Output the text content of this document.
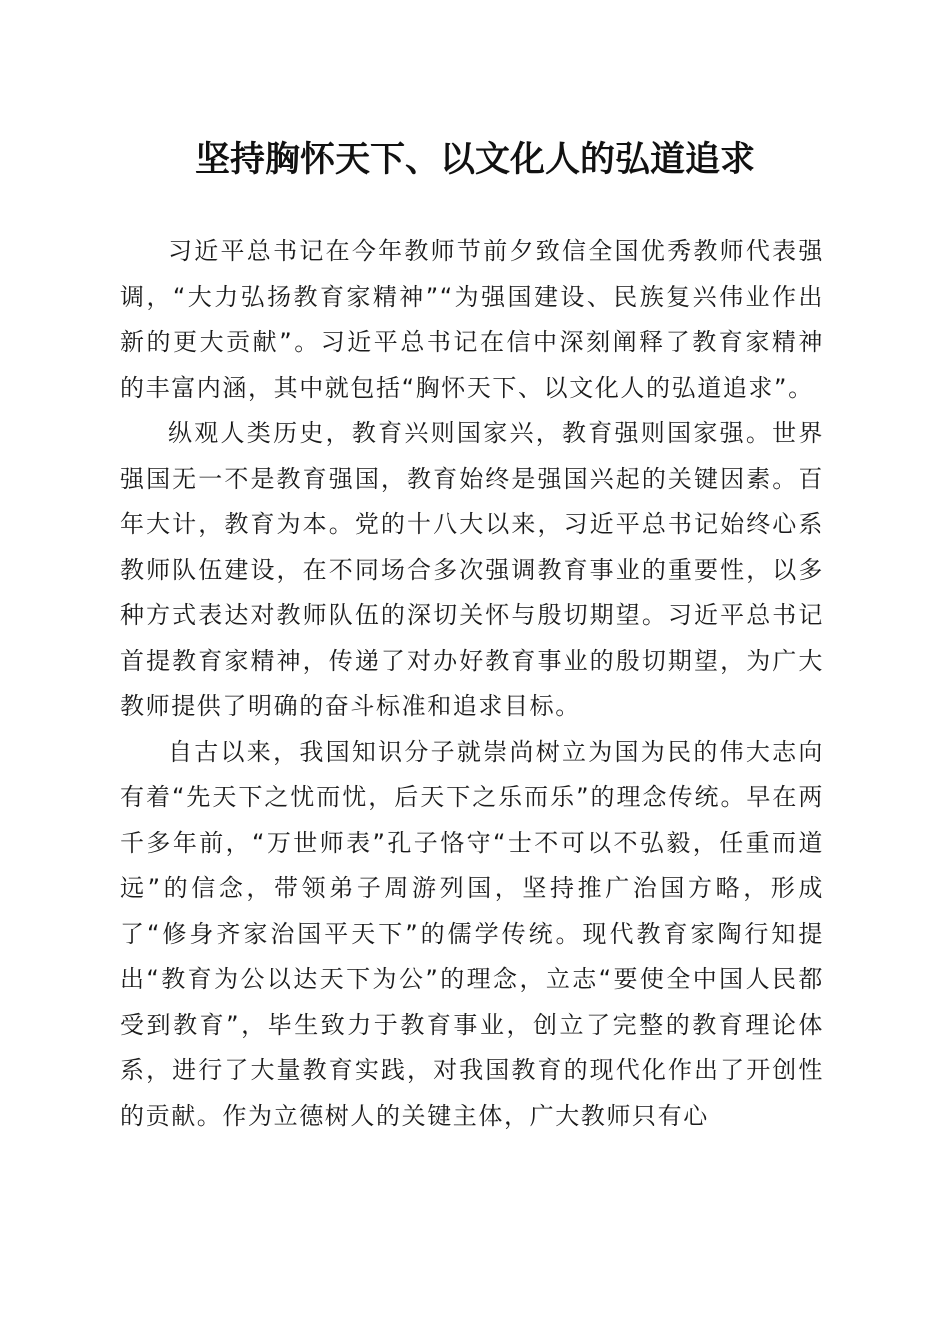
坚持胸怀天下、以文化人的弘道追求

习近平总书记在今年教师节前夕致信全国优秀教师代表强调，“大力弘扬教育家精神”“为强国建设、民族复兴伟业作出新的更大贡献”。习近平总书记在信中深刻阐释了教育家精神的丰富内涵，其中就包括“胸怀天下、以文化人的弘道追求”。

纵观人类历史，教育兴则国家兴，教育强则国家强。世界强国无一不是教育强国，教育始终是强国兴起的关键因素。百年大计，教育为本。党的十八大以来，习近平总书记始终心系教师队伍建设，在不同场合多次强调教育事业的重要性，以多种方式表达对教师队伍的深切关怀与殷切期望。习近平总书记首提教育家精神，传递了对办好教育事业的殷切期望，为广大教师提供了明确的奋斗标准和追求目标。

自古以来，我国知识分子就崇尚树立为国为民的伟大志向有着“先天下之忧而忧，后天下之乐而乐”的理念传统。早在两千多年前，“万世师表”孔子恪守“士不可以不弘毅，任重而道远”的信念，带领弟子周游列国，坚持推广治国方略，形成了“修身齐家治国平天下”的儒学传统。现代教育家陶行知提出“教育为公以达天下为公”的理念，立志“要使全中国人民都受到教育”，毕生致力于教育事业，创立了完整的教育理论体系，进行了大量教育实践，对我国教育的现代化作出了开创性的贡献。作为立德树人的关键主体，广大教师只有心
